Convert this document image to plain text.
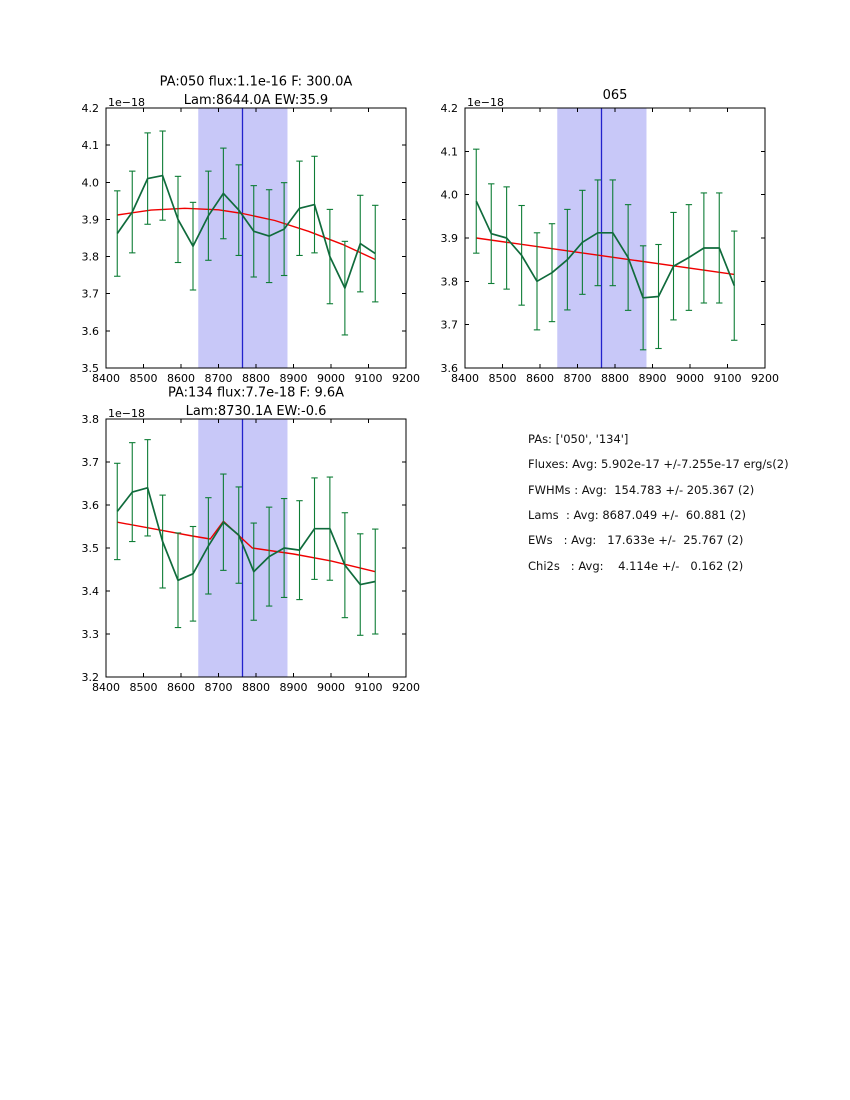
PAs: ['050', '134']
Fluxes: Avg: 5.902e-17 +/-7.255e-17 erg/s(2)
FWHMs : Avg:  154.783 +/- 205.367 (2)
Lams  : Avg: 8687.049 +/-  60.881 (2)
EWs   : Avg:   17.633e +/-  25.767 (2)
Chi2s   : Avg:    4.114e +/-   0.162 (2)
8400 8500 8600 8700 8800 8900 9000 9100 9200
3.5
3.6
3.7
3.8
3.9
4.0
4.1
4.2 1e−18
PA:050 flux:1.1e-16 F: 300.0A
Lam:8644.0A EW:35.9
8400 8500 8600 8700 8800 8900 9000 9100 9200
3.6
3.7
3.8
3.9
4.0
4.1
4.2 1e−18	065
8400 8500 8600 8700 8800 8900 9000 9100 9200
3.2
3.3
3.4
3.5
3.6
3.7
3.8 1e−18
PA:134 flux:7.7e-18 F: 9.6A
Lam:8730.1A EW:-0.6
